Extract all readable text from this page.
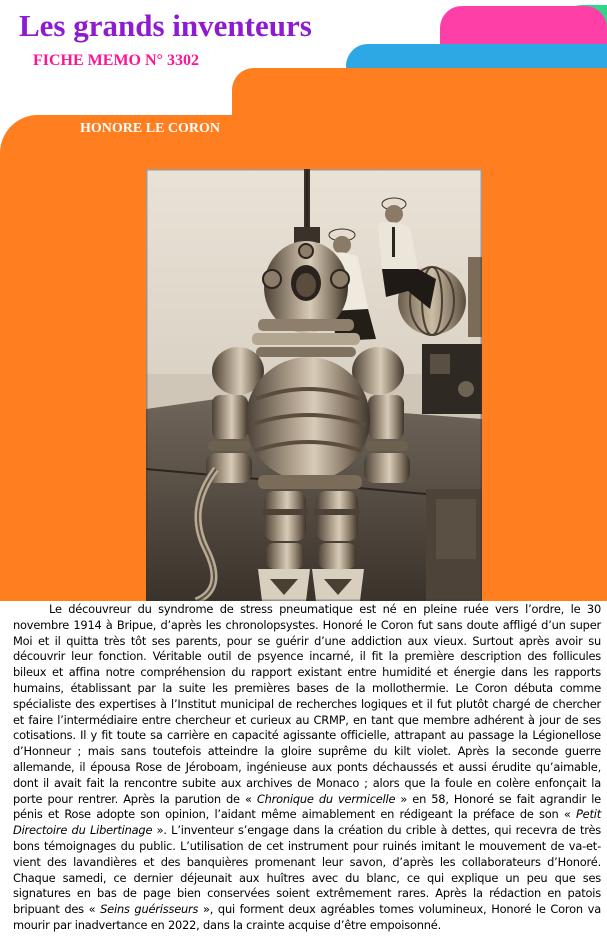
Les grands inventeurs
FICHE MEMO N° 3302
HONORE LE CORON

Le découvreur du syndrome de stress pneumatique est né en pleine ruée vers l’ordre, le 30 novembre 1914 à Bripue, d’après les chronolopsystes. Honoré le Coron fut sans doute affligé d’un super Moi et il quitta très tôt ses parents, pour se guérir d’une addiction aux vieux. Surtout après avoir su découvrir leur fonction. Véritable outil de psyence incarné, il fit la première description des follicules bileux et affina notre compréhension du rapport existant entre humidité et énergie dans les rapports humains, établissant par la suite les premières bases de la mollothermie. Le Coron débuta comme spécialiste des expertises à l’Institut municipal de recherches logiques et il fut plutôt chargé de chercher et faire l’intermédiaire entre chercheur et curieux au CRMP, en tant que membre adhérent à jour de ses cotisations. Il y fit toute sa carrière en capacité agissante officielle, attrapant au passage la Légionellose d’Honneur ; mais sans toutefois atteindre la gloire suprême du kilt violet. Après la seconde guerre allemande, il épousa Rose de Jéroboam, ingénieuse aux ponts déchaussés et aussi érudite qu’aimable, dont il avait fait la rencontre subite aux archives de Monaco ; alors que la foule en colère enfonçait la porte pour rentrer. Après la parution de « Chronique du vermicelle » en 58, Honoré se fait agrandir le pénis et Rose adopte son opinion, l’aidant même aimablement en rédigeant la préface de son « Petit Directoire du Libertinage ». L’inventeur s’engage dans la création du crible à dettes, qui recevra de très bons témoignages du public. L’utilisation de cet instrument pour ruinés imitant le mouvement de va-et-vient des lavandières et des banquières promenant leur savon, d’après les collaborateurs d’Honoré. Chaque samedi, ce dernier déjeunait aux huîtres avec du blanc, ce qui explique un peu que ses signatures en bas de page bien conservées soient extrêmement rares. Après la rédaction en patois bripuant des « Seins guérisseurs », qui forment deux agréables tomes volumineux, Honoré le Coron va mourir par inadvertance en 2022, dans la crainte acquise d’être empoisonné.
